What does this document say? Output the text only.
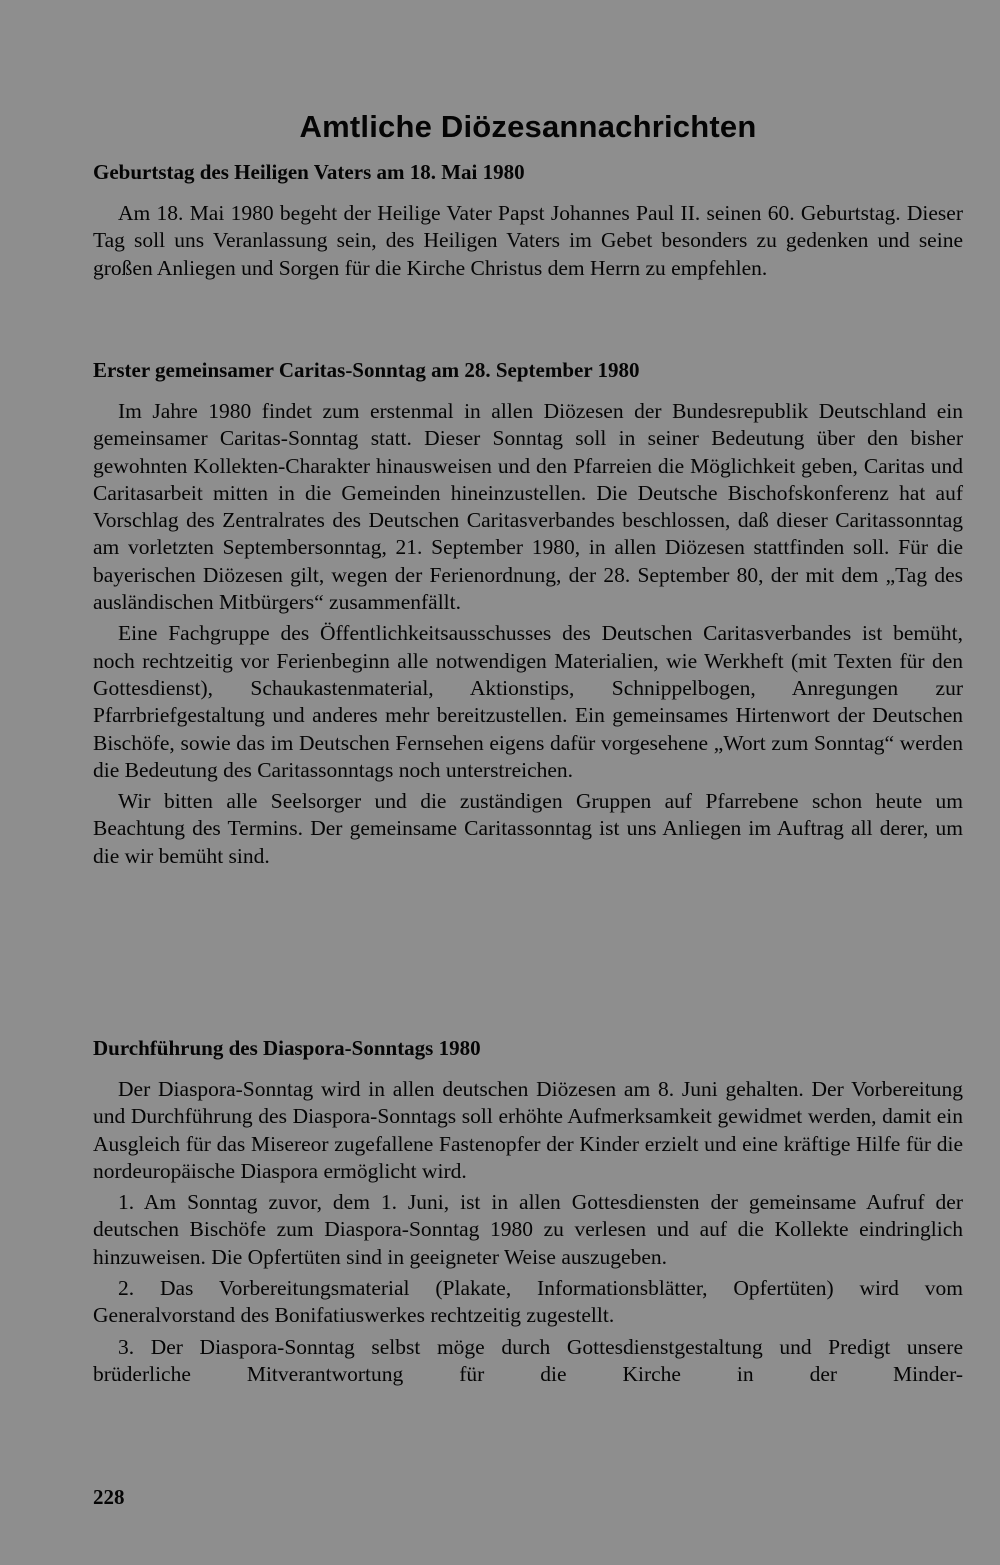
Amtliche Diözesannachrichten
Geburtstag des Heiligen Vaters am 18. Mai 1980

Am 18. Mai 1980 begeht der Heilige Vater Papst Johannes Paul II. seinen 60. Geburtstag. Dieser Tag soll uns Veranlassung sein, des Heiligen Vaters im Gebet besonders zu gedenken und seine großen Anliegen und Sorgen für die Kirche Christus dem Herrn zu empfehlen.

Erster gemeinsamer Caritas-Sonntag am 28. September 1980

Im Jahre 1980 findet zum erstenmal in allen Diözesen der Bundesrepublik Deutschland ein gemeinsamer Caritas-Sonntag statt. Dieser Sonntag soll in seiner Bedeutung über den bisher gewohnten Kollekten-Charakter hinausweisen und den Pfarreien die Möglichkeit geben, Caritas und Caritasarbeit mitten in die Gemeinden hineinzustellen. Die Deutsche Bischofskonferenz hat auf Vorschlag des Zentralrates des Deutschen Caritasverbandes beschlossen, daß dieser Caritassonntag am vorletzten Septembersonntag, 21. September 1980, in allen Diözesen stattfinden soll. Für die bayerischen Diözesen gilt, wegen der Ferienordnung, der 28. September 80, der mit dem „Tag des ausländischen Mitbürgers“ zusammenfällt.

Eine Fachgruppe des Öffentlichkeitsausschusses des Deutschen Caritasverbandes ist bemüht, noch rechtzeitig vor Ferienbeginn alle notwendigen Materialien, wie Werkheft (mit Texten für den Gottesdienst), Schaukastenmaterial, Aktionstips, Schnippelbogen, Anregungen zur Pfarrbriefgestaltung und anderes mehr bereitzustellen. Ein gemeinsames Hirtenwort der Deutschen Bischöfe, sowie das im Deutschen Fernsehen eigens dafür vorgesehene „Wort zum Sonntag“ werden die Bedeutung des Caritassonntags noch unterstreichen.

Wir bitten alle Seelsorger und die zuständigen Gruppen auf Pfarrebene schon heute um Beachtung des Termins. Der gemeinsame Caritassonntag ist uns Anliegen im Auftrag all derer, um die wir bemüht sind.

Durchführung des Diaspora-Sonntags 1980

Der Diaspora-Sonntag wird in allen deutschen Diözesen am 8. Juni gehalten. Der Vorbereitung und Durchführung des Diaspora-Sonntags soll erhöhte Aufmerksamkeit gewidmet werden, damit ein Ausgleich für das Misereor zugefallene Fastenopfer der Kinder erzielt und eine kräftige Hilfe für die nordeuropäische Diaspora ermöglicht wird.

1. Am Sonntag zuvor, dem 1. Juni, ist in allen Gottesdiensten der gemeinsame Aufruf der deutschen Bischöfe zum Diaspora-Sonntag 1980 zu verlesen und auf die Kollekte eindringlich hinzuweisen. Die Opfertüten sind in geeigneter Weise auszugeben.

2. Das Vorbereitungsmaterial (Plakate, Informationsblätter, Opfertüten) wird vom Generalvorstand des Bonifatiuswerkes rechtzeitig zugestellt.

3. Der Diaspora-Sonntag selbst möge durch Gottesdienstgestaltung und Predigt unsere brüderliche Mitverantwortung für die Kirche in der Minder-

228
